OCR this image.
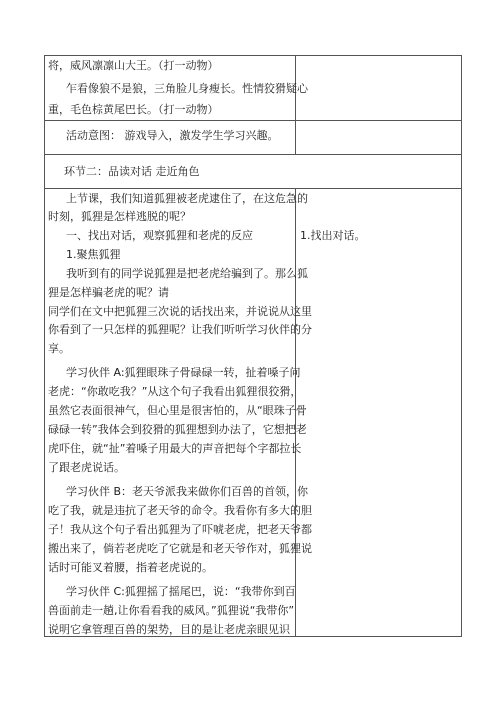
将，威风凛凛山大王。（打一动物）
乍看像狼不是狼，三角脸儿身瘦长。性情狡猾疑心
重，毛色棕黄尾巴长。（打一动物）
活动意图： 游戏导入，激发学生学习兴趣。
环节二：品读对话 走近角色
上节课，我们知道狐狸被老虎逮住了，在这危急的
时刻，狐狸是怎样逃脱的呢？
一、找出对话，观察狐狸和老虎的反应
1.聚焦狐狸
我听到有的同学说狐狸是把老虎给骗到了。那么狐
狸是怎样骗老虎的呢？请
同学们在文中把狐狸三次说的话找出来，并说说从这里
你看到了一只怎样的狐狸呢？让我们听听学习伙伴的分
享。
学习伙伴 A:狐狸眼珠子骨碌碌一转，扯着嗓子问
老虎：“你敢吃我？”从这个句子我看出狐狸很狡猾，
虽然它表面很神气，但心里是很害怕的，从“眼珠子骨
碌碌一转”我体会到狡猾的狐狸想到办法了，它想把老
虎吓住，就“扯”着嗓子用最大的声音把每个字都拉长
了跟老虎说话。
学习伙伴 B：老天爷派我来做你们百兽的首领，你
吃了我，就是违抗了老天爷的命令。我看你有多大的胆
子！我从这个句子看出狐狸为了吓唬老虎，把老天爷都
搬出来了，倘若老虎吃了它就是和老天爷作对，狐狸说
话时可能叉着腰，指着老虎说的。
学习伙伴 C:狐狸摇了摇尾巴，说：“我带你到百
兽面前走一趟,让你看看我的威风。”狐狸说“我带你”
说明它拿管理百兽的架势，目的是让老虎亲眼见识
1.找出对话。
